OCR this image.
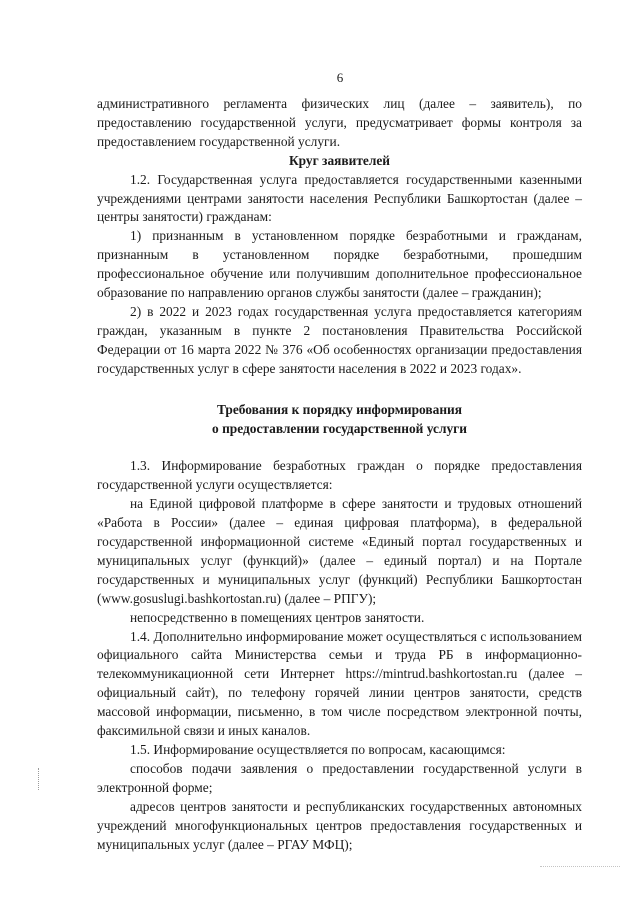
6

административного регламента физических лиц (далее – заявитель), по предоставлению государственной услуги, предусматривает формы контроля за предоставлением государственной услуги.

Круг заявителей

1.2. Государственная услуга предоставляется государственными казенными учреждениями центрами занятости населения Республики Башкортостан (далее – центры занятости) гражданам:

1) признанным в установленном порядке безработными и гражданам, признанным в установленном порядке безработными, прошедшим профессиональное обучение или получившим дополнительное профессиональное образование по направлению органов службы занятости (далее – гражданин);

2) в 2022 и 2023 годах государственная услуга предоставляется категориям граждан, указанным в пункте 2 постановления Правительства Российской Федерации от 16 марта 2022 № 376 «Об особенностях организации предоставления государственных услуг в сфере занятости населения в 2022 и 2023 годах».

Требования к порядку информирования

о предоставлении государственной услуги

1.3. Информирование безработных граждан о порядке предоставления государственной услуги осуществляется:

на Единой цифровой платформе в сфере занятости и трудовых отношений «Работа в России» (далее – единая цифровая платформа), в федеральной государственной информационной системе «Единый портал государственных и муниципальных услуг (функций)» (далее – единый портал) и на Портале государственных и муниципальных услуг (функций) Республики Башкортостан (www.gosuslugi.bashkortostan.ru) (далее – РПГУ);

непосредственно в помещениях центров занятости.

1.4. Дополнительно информирование может осуществляться с использованием официального сайта Министерства семьи и труда РБ в информационно-телекоммуникационной сети Интернет https://mintrud.bashkortostan.ru (далее – официальный сайт), по телефону горячей линии центров занятости, средств массовой информации, письменно, в том числе посредством электронной почты, факсимильной связи и иных каналов.

1.5. Информирование осуществляется по вопросам, касающимся:

способов подачи заявления о предоставлении государственной услуги в электронной форме;

адресов центров занятости и республиканских государственных автономных учреждений многофункциональных центров предоставления государственных и муниципальных услуг (далее – РГАУ МФЦ);
